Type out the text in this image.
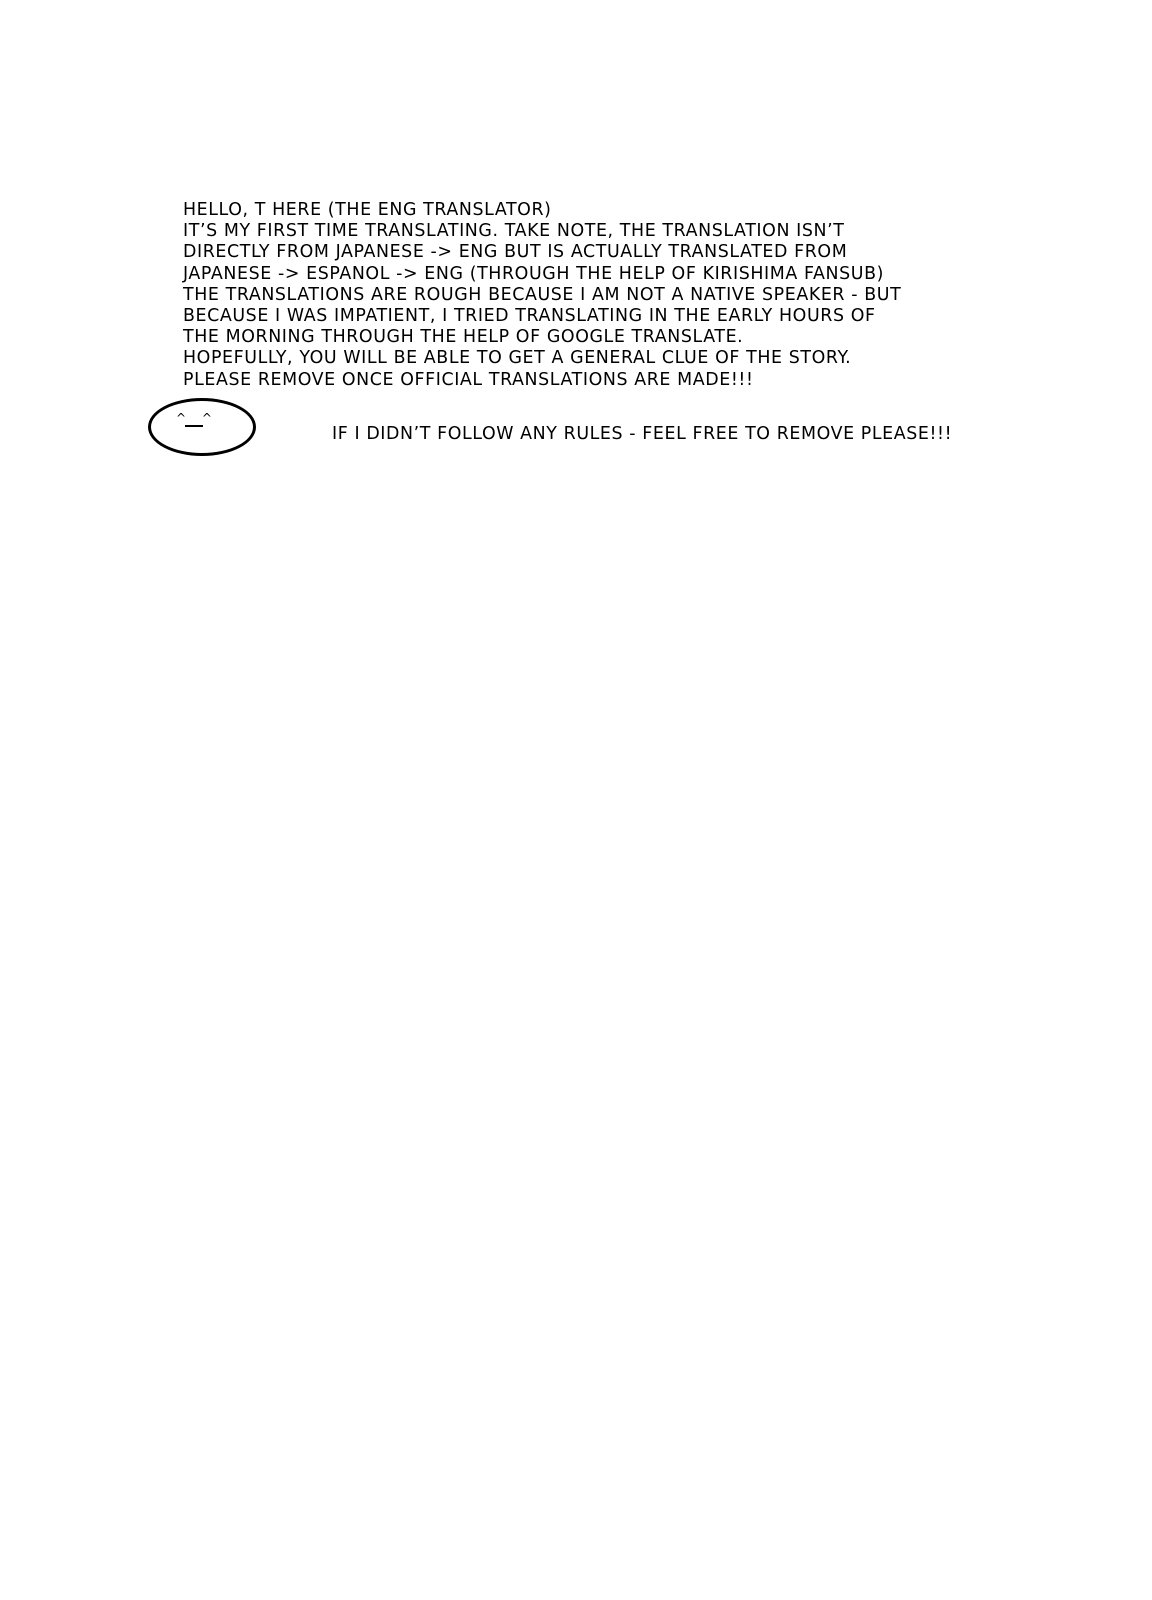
HELLO, T HERE (THE ENG TRANSLATOR)
IT’S MY FIRST TIME TRANSLATING. TAKE NOTE, THE TRANSLATION ISN’T
DIRECTLY FROM JAPANESE -> ENG BUT IS ACTUALLY TRANSLATED FROM
JAPANESE -> ESPANOL -> ENG (THROUGH THE HELP OF KIRISHIMA FANSUB)
THE TRANSLATIONS ARE ROUGH BECAUSE I AM NOT A NATIVE SPEAKER - BUT
BECAUSE I WAS IMPATIENT, I TRIED TRANSLATING IN THE EARLY HOURS OF
THE MORNING THROUGH THE HELP OF GOOGLE TRANSLATE.
HOPEFULLY, YOU WILL BE ABLE TO GET A GENERAL CLUE OF THE STORY.
PLEASE REMOVE ONCE OFFICIAL TRANSLATIONS ARE MADE!!!
^ ^
IF I DIDN’T FOLLOW ANY RULES - FEEL FREE TO REMOVE PLEASE!!!
